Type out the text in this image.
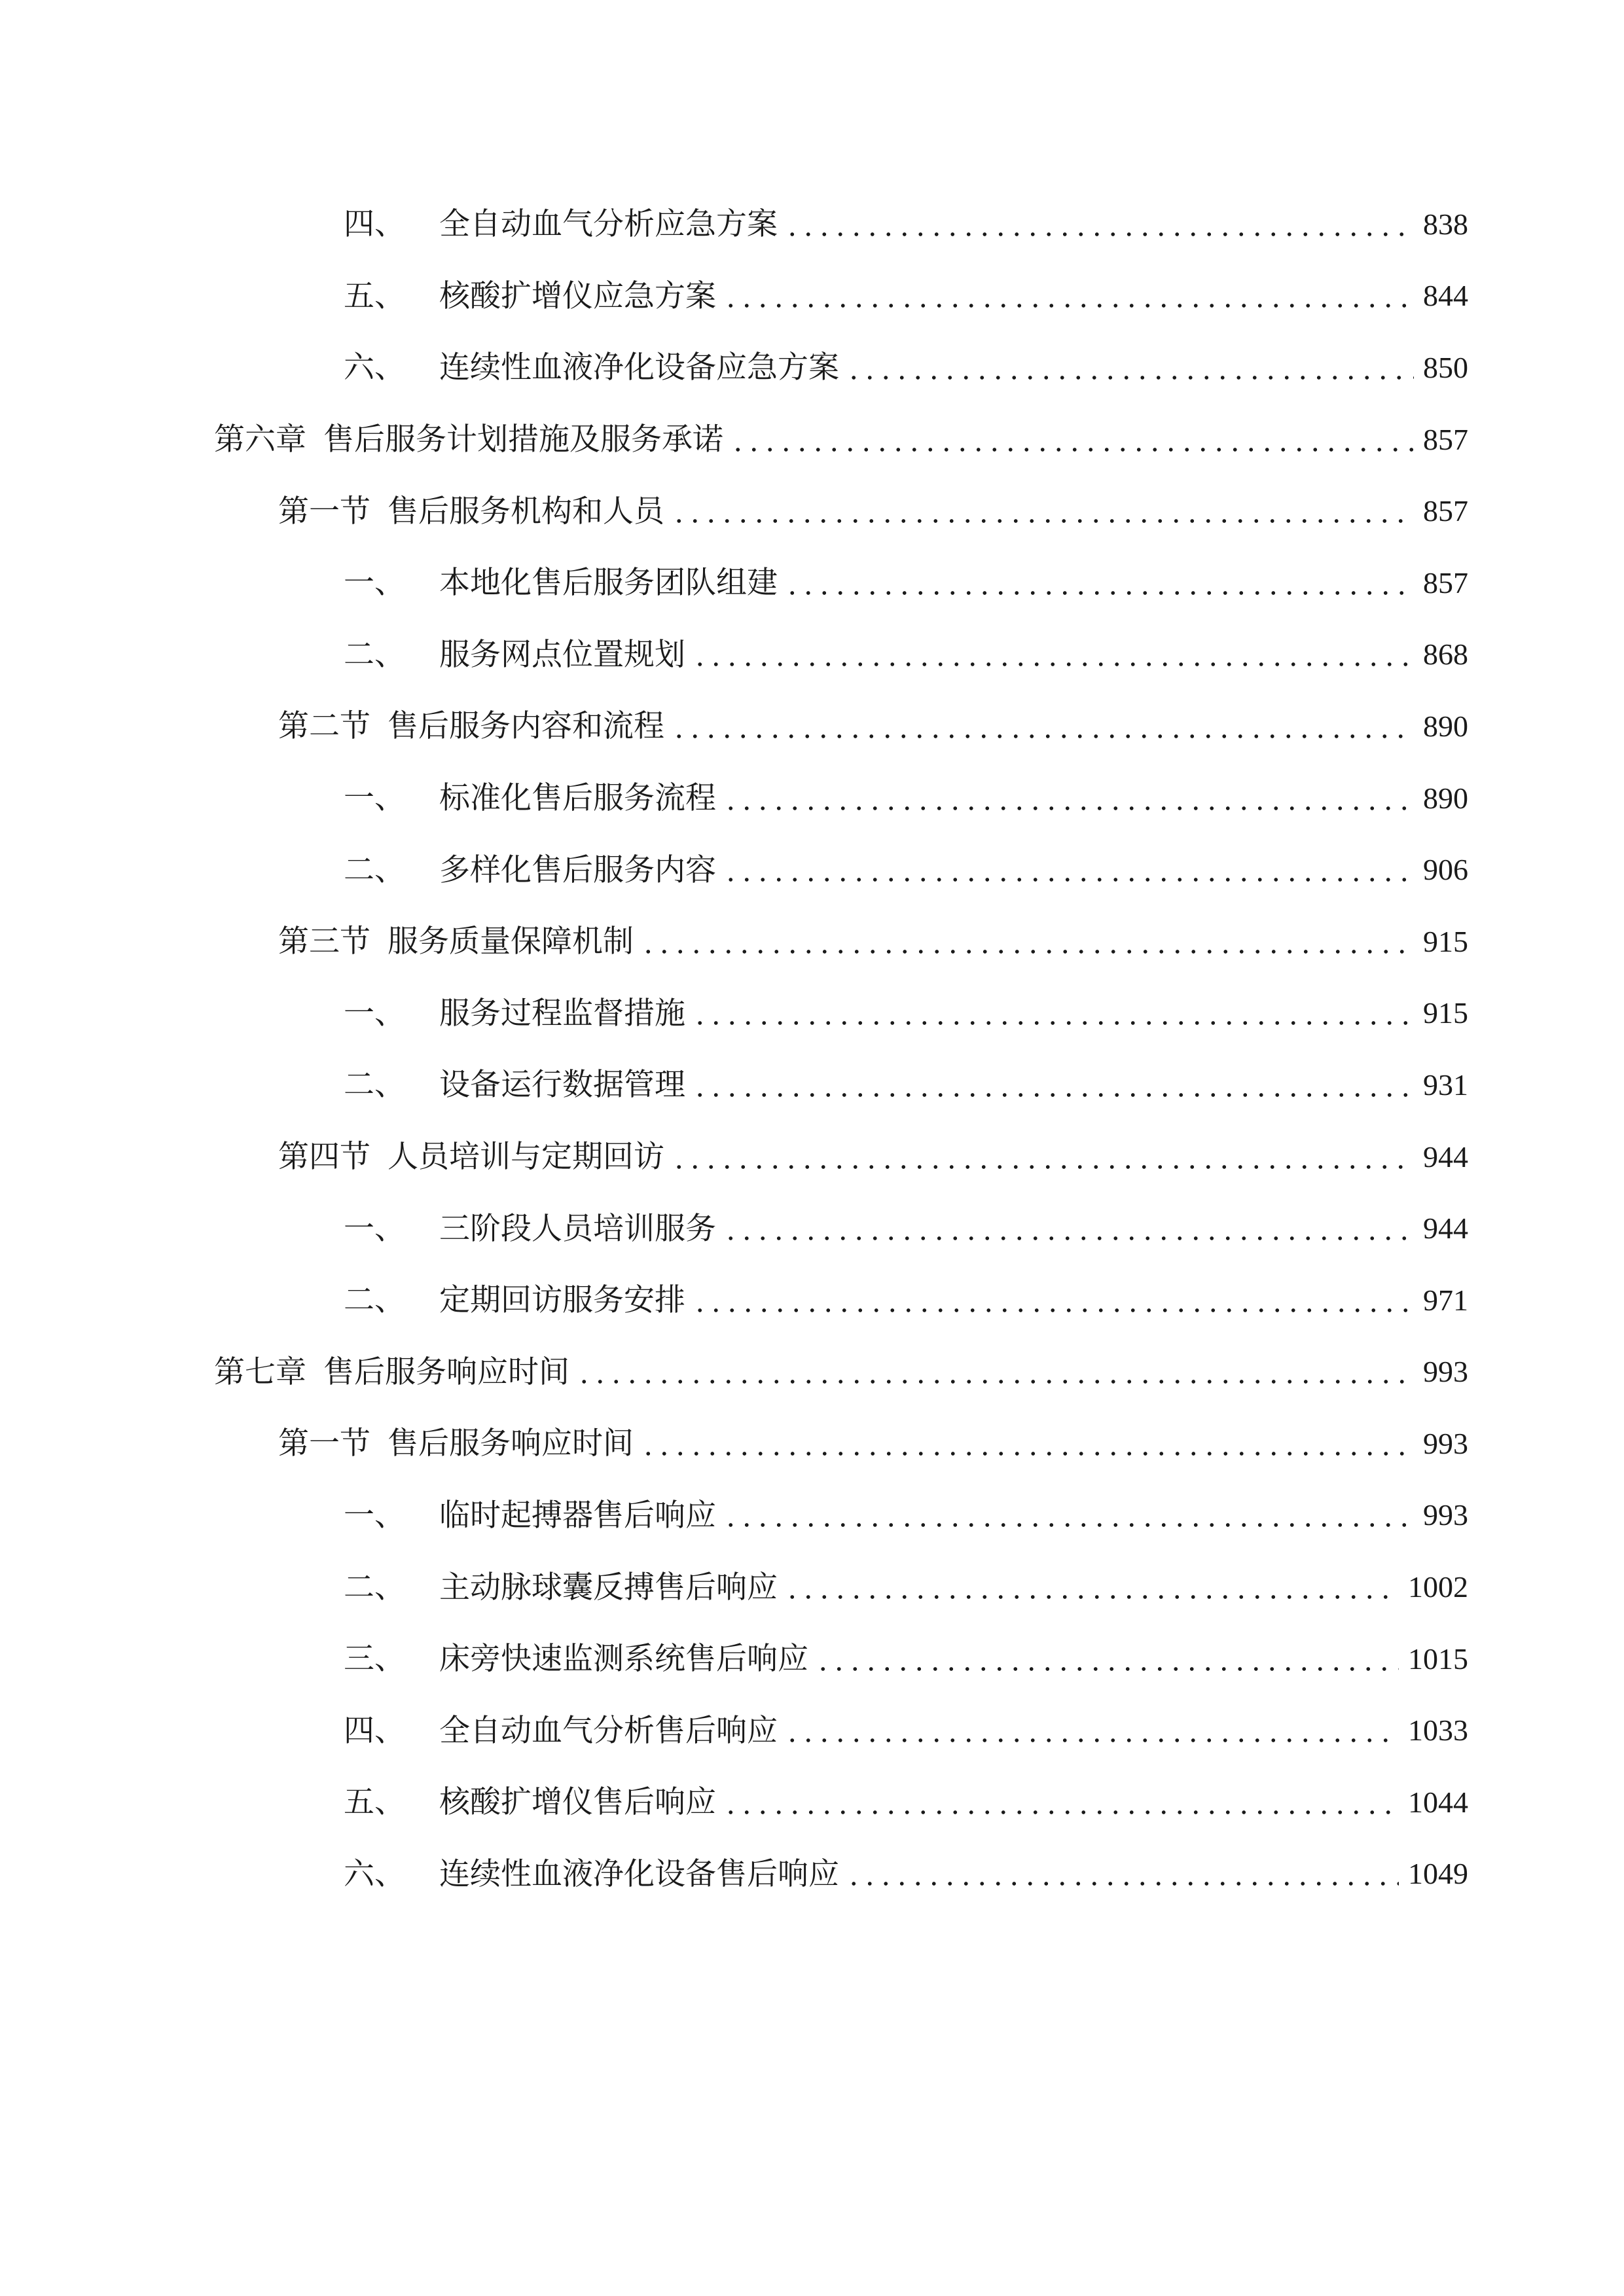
四、	全自动血气分析应急方案	838
五、	核酸扩增仪应急方案	844
六、	连续性血液净化设备应急方案	850
第六章 售后服务计划措施及服务承诺	857
第一节 售后服务机构和人员	857
一、	本地化售后服务团队组建	857
二、	服务网点位置规划	868
第二节 售后服务内容和流程	890
一、	标准化售后服务流程	890
二、	多样化售后服务内容	906
第三节 服务质量保障机制	915
一、	服务过程监督措施	915
二、	设备运行数据管理	931
第四节 人员培训与定期回访	944
一、	三阶段人员培训服务	944
二、	定期回访服务安排	971
第七章 售后服务响应时间	993
第一节 售后服务响应时间	993
一、	临时起搏器售后响应	993
二、	主动脉球囊反搏售后响应	1002
三、	床旁快速监测系统售后响应	1015
四、	全自动血气分析售后响应	1033
五、	核酸扩增仪售后响应	1044
六、	连续性血液净化设备售后响应	1049
